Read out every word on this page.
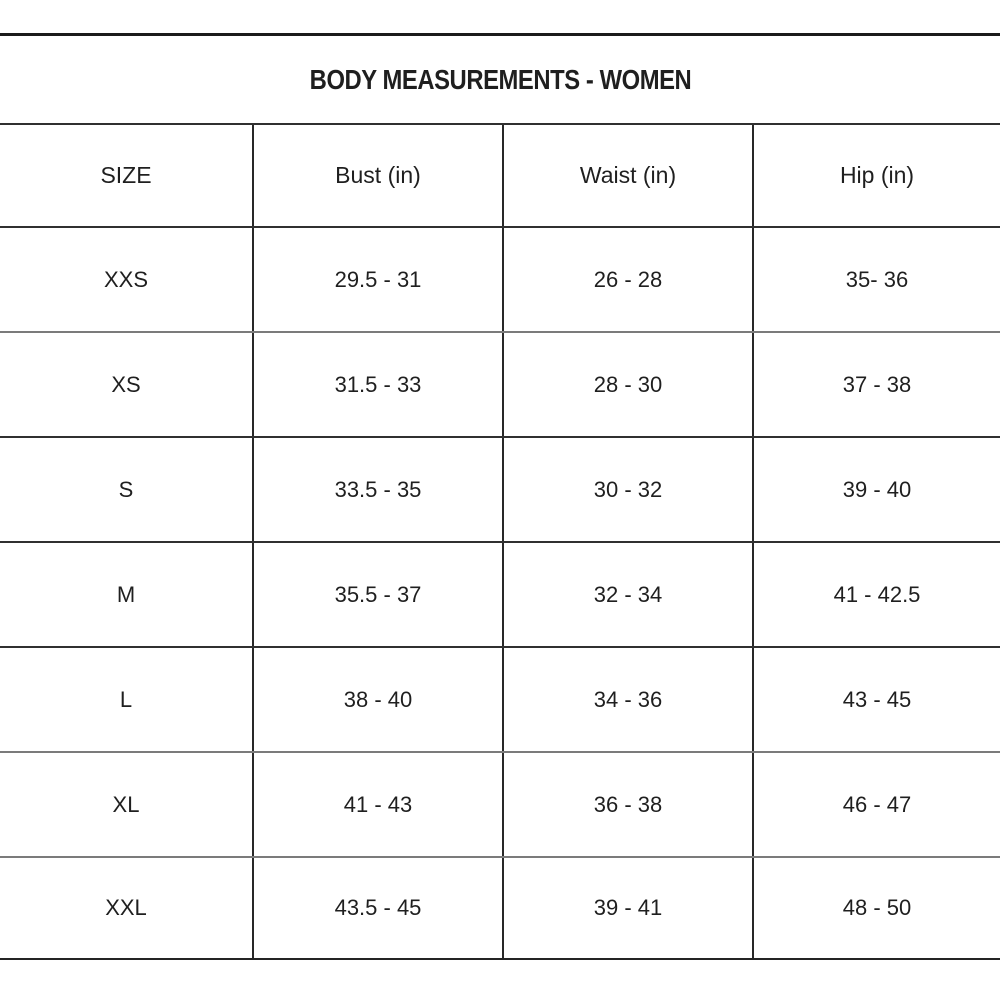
BODY MEASUREMENTS - WOMEN
SIZE	Bust (in)	Waist (in)	Hip (in)
XXS	29.5 - 31	26 - 28	35- 36
XS	31.5 - 33	28 - 30	37 - 38
S	33.5 - 35	30 - 32	39 - 40
M	35.5 - 37	32 - 34	41 - 42.5
L	38 - 40	34 - 36	43 - 45
XL	41 - 43	36 - 38	46 - 47
XXL	43.5 - 45	39 - 41	48 - 50
